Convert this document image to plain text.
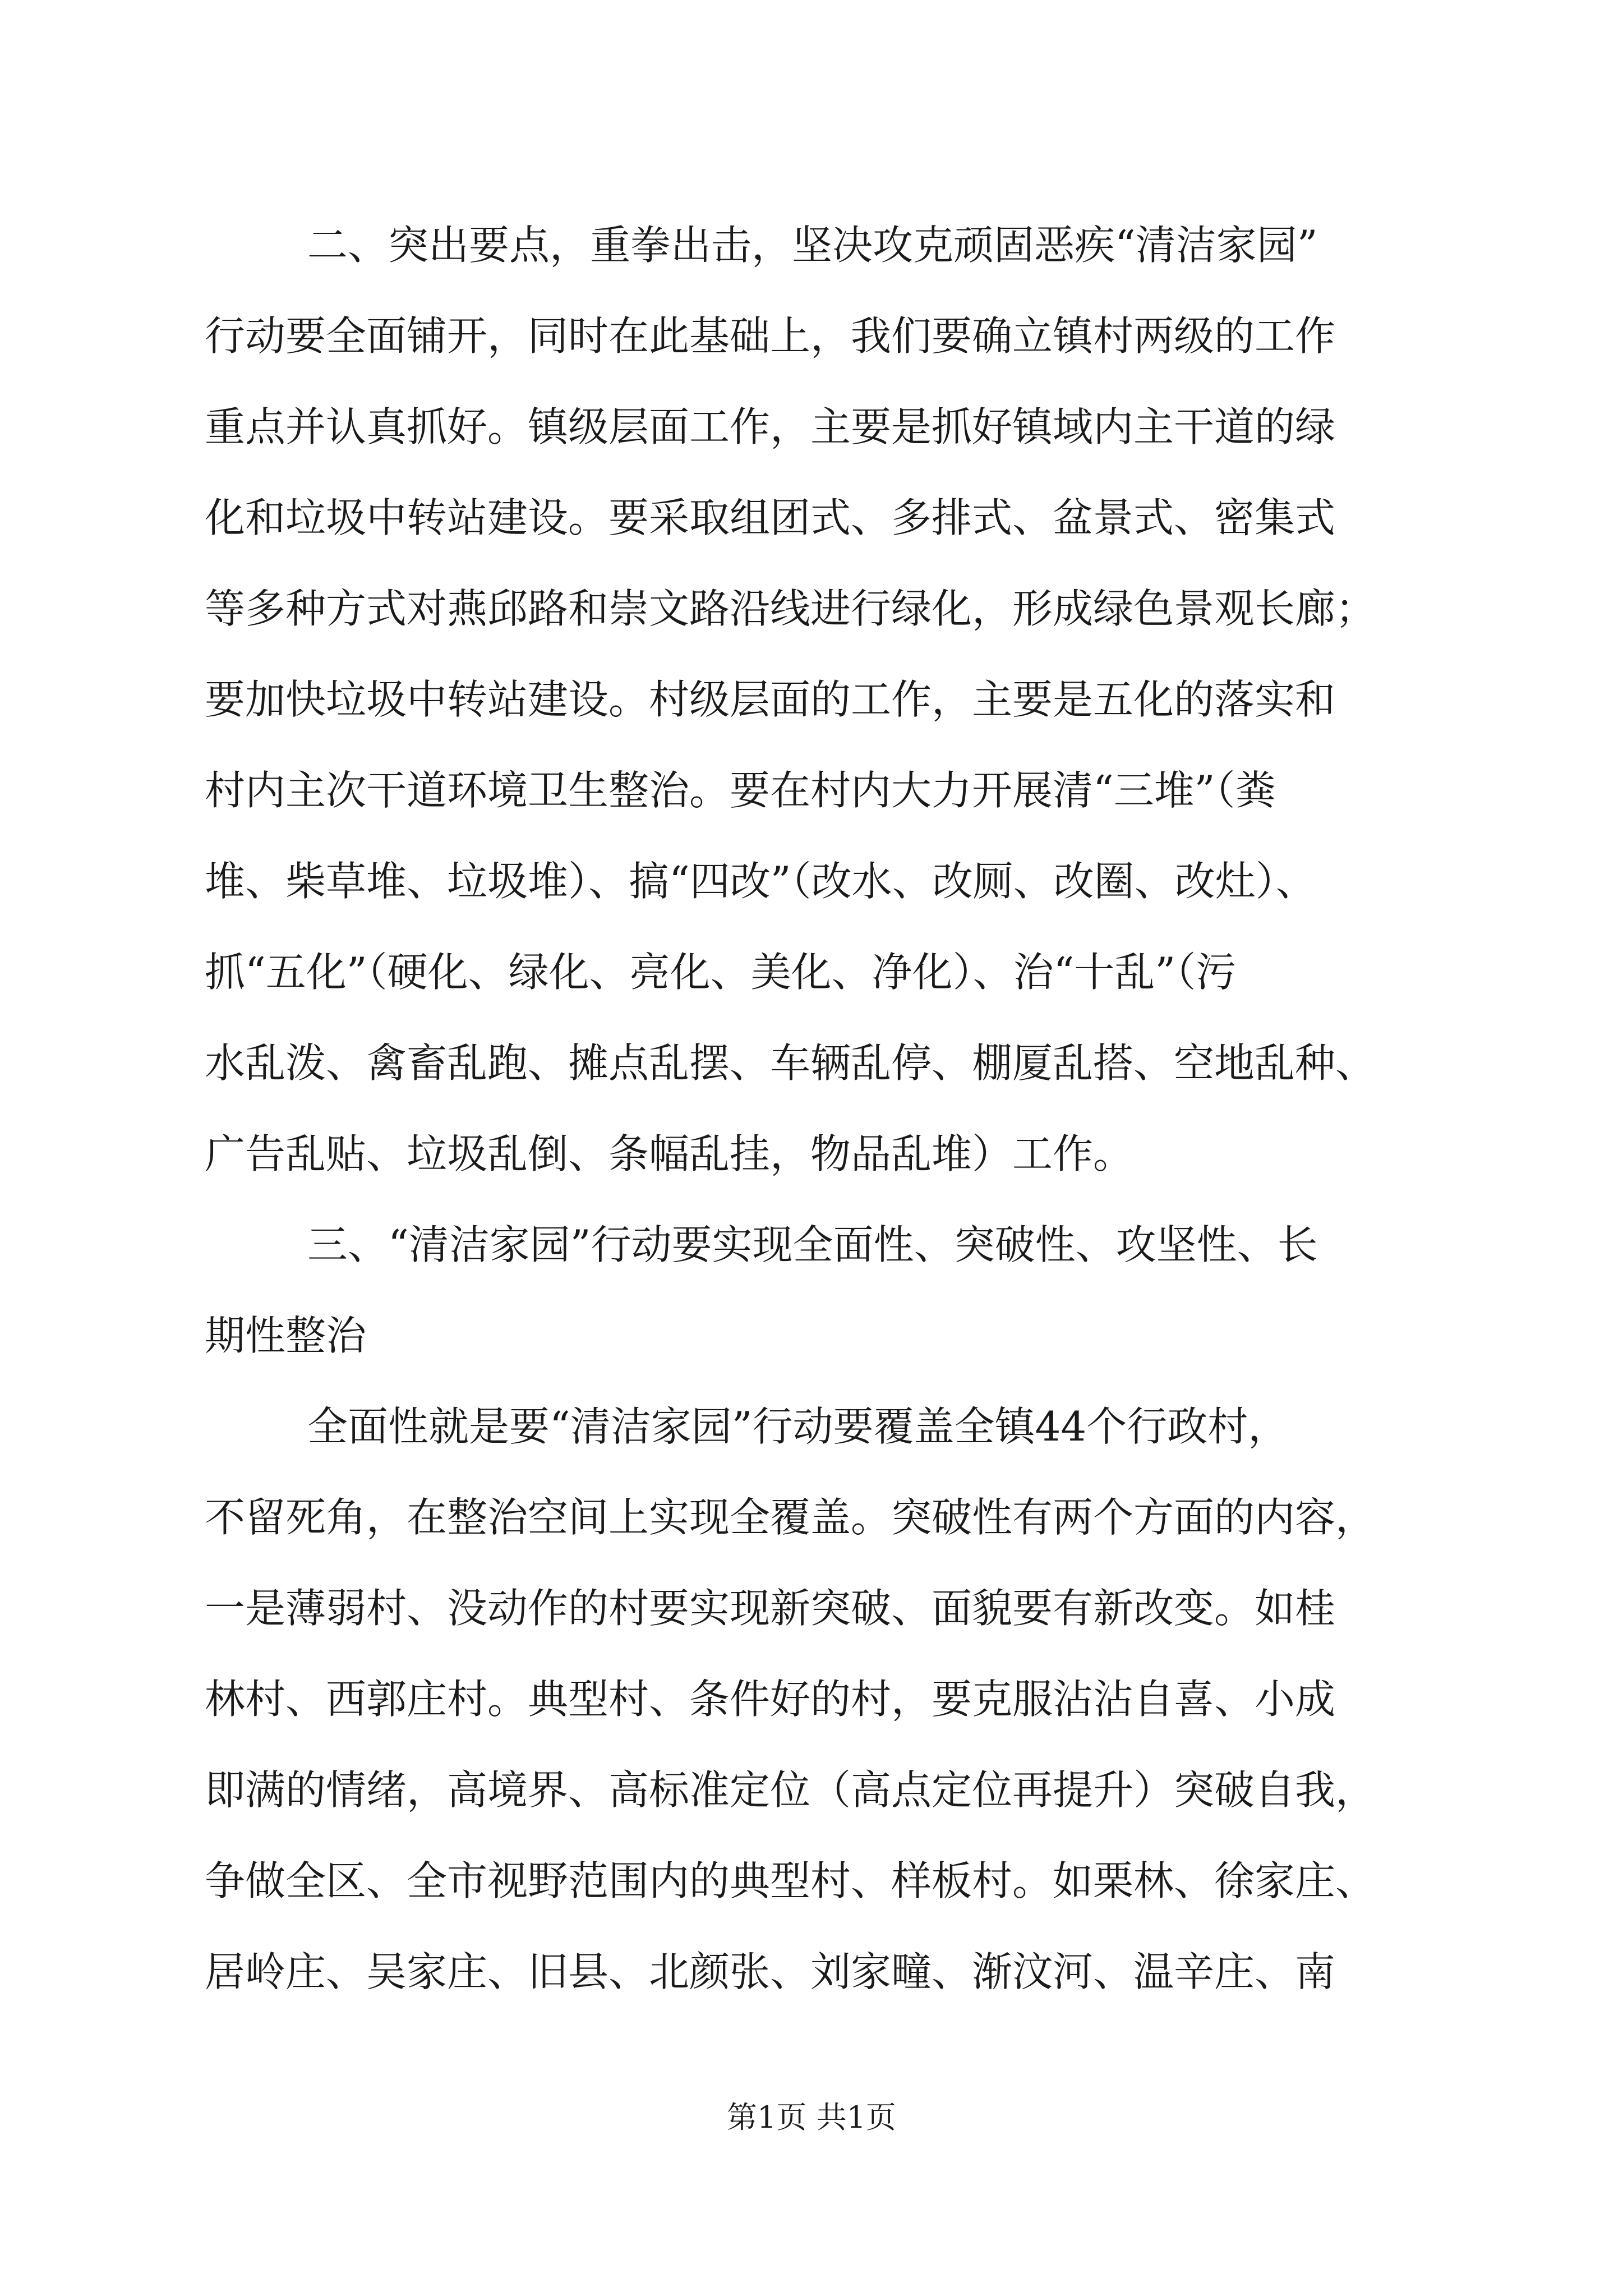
二、突出要点，重拳出击，坚决攻克顽固恶疾“清洁家园”
行动要全面铺开，同时在此基础上，我们要确立镇村两级的工作
重点并认真抓好。镇级层面工作，主要是抓好镇域内主干道的绿
化和垃圾中转站建设。要采取组团式、多排式、盆景式、密集式
等多种方式对燕邱路和崇文路沿线进行绿化，形成绿色景观长廊；
要加快垃圾中转站建设。村级层面的工作，主要是五化的落实和
村内主次干道环境卫生整治。要在村内大力开展清“三堆”（粪
堆、柴草堆、垃圾堆）、搞“四改”（改水、改厕、改圈、改灶）、
抓“五化”（硬化、绿化、亮化、美化、净化）、治“十乱”（污
水乱泼、禽畜乱跑、摊点乱摆、车辆乱停、棚厦乱搭、空地乱种、
广告乱贴、垃圾乱倒、条幅乱挂，物品乱堆）工作。
三、“清洁家园”行动要实现全面性、突破性、攻坚性、长
期性整治
全面性就是要“清洁家园”行动要覆盖全镇44个行政村，
不留死角，在整治空间上实现全覆盖。突破性有两个方面的内容，
一是薄弱村、没动作的村要实现新突破、面貌要有新改变。如桂
林村、西郭庄村。典型村、条件好的村，要克服沾沾自喜、小成
即满的情绪，高境界、高标准定位（高点定位再提升）突破自我，
争做全区、全市视野范围内的典型村、样板村。如栗林、徐家庄、
居岭庄、吴家庄、旧县、北颜张、刘家疃、渐汶河、温辛庄、南
第1页 共1页
